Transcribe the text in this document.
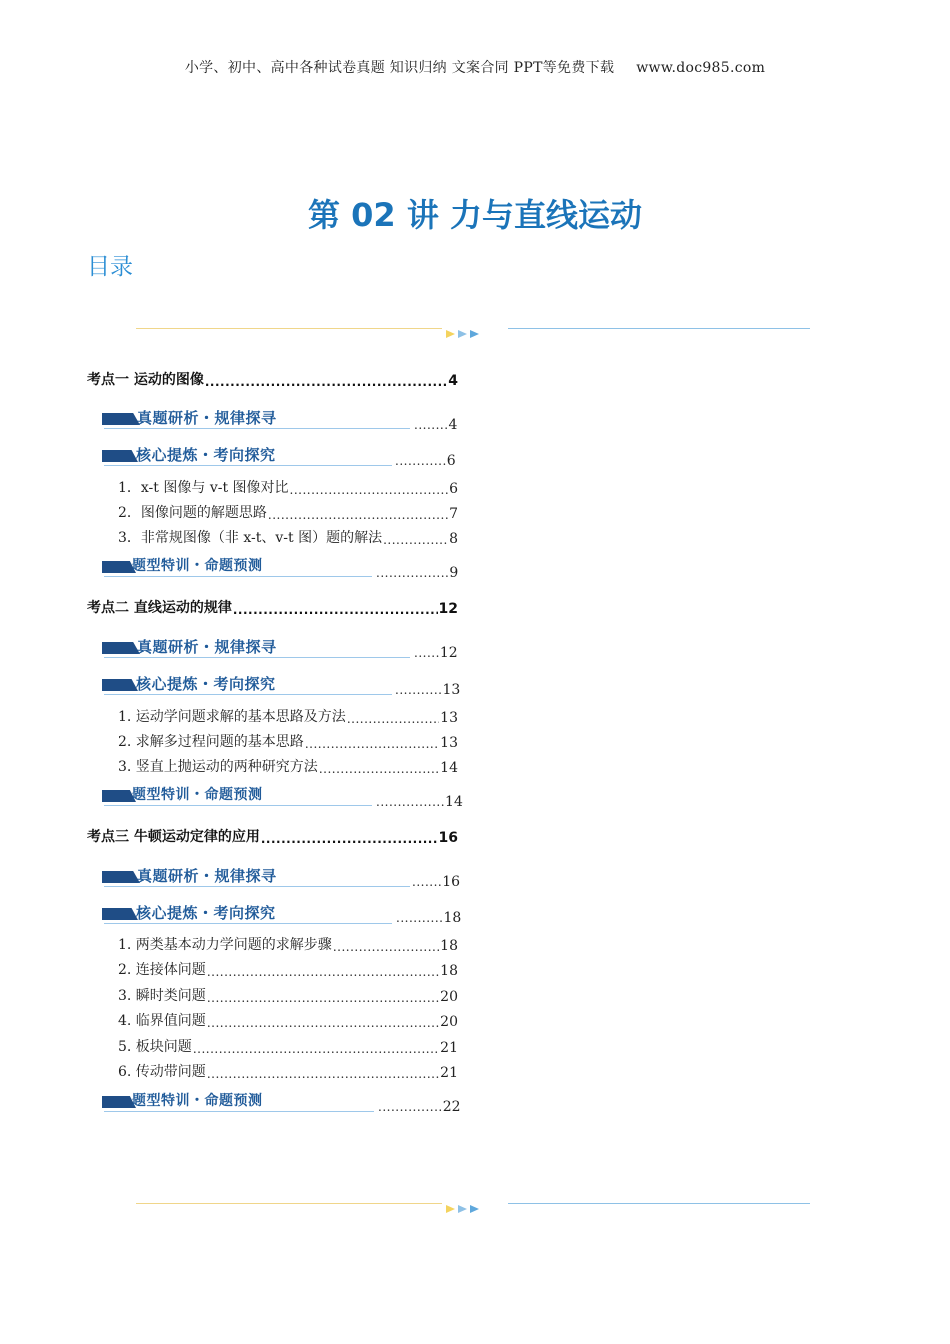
小学、初中、高中各种试卷真题 知识归纳 文案合同 PPT等免费下载 www.doc985.com
第 02 讲 力与直线运动
目录
考点一 运动的图像 .....	4
真题研析・规律探寻	........4
核心提炼・考向探究	............6
1．x-t 图像与 v-t 图像对比 .....	6
2．图像问题的解题思路 .....	7
3．非常规图像（非 x-t、v-t 图）题的解法 .....	8
题型特训・命题预测	.................9
考点二 直线运动的规律 .....	12
真题研析・规律探寻	......12
核心提炼・考向探究	...........13
1. 运动学问题求解的基本思路及方法 .....	13
2. 求解多过程问题的基本思路 .....	13
3. 竖直上抛运动的两种研究方法 .....	14
题型特训・命题预测	................14
考点三 牛顿运动定律的应用 .....	16
真题研析・规律探寻	.......16
核心提炼・考向探究	...........18
1. 两类基本动力学问题的求解步骤 .....	18
2. 连接体问题 .....	18
3. 瞬时类问题 .....	20
4. 临界值问题 .....	20
5. 板块问题 .....	21
6. 传动带问题 .....	21
题型特训・命题预测	...............22
